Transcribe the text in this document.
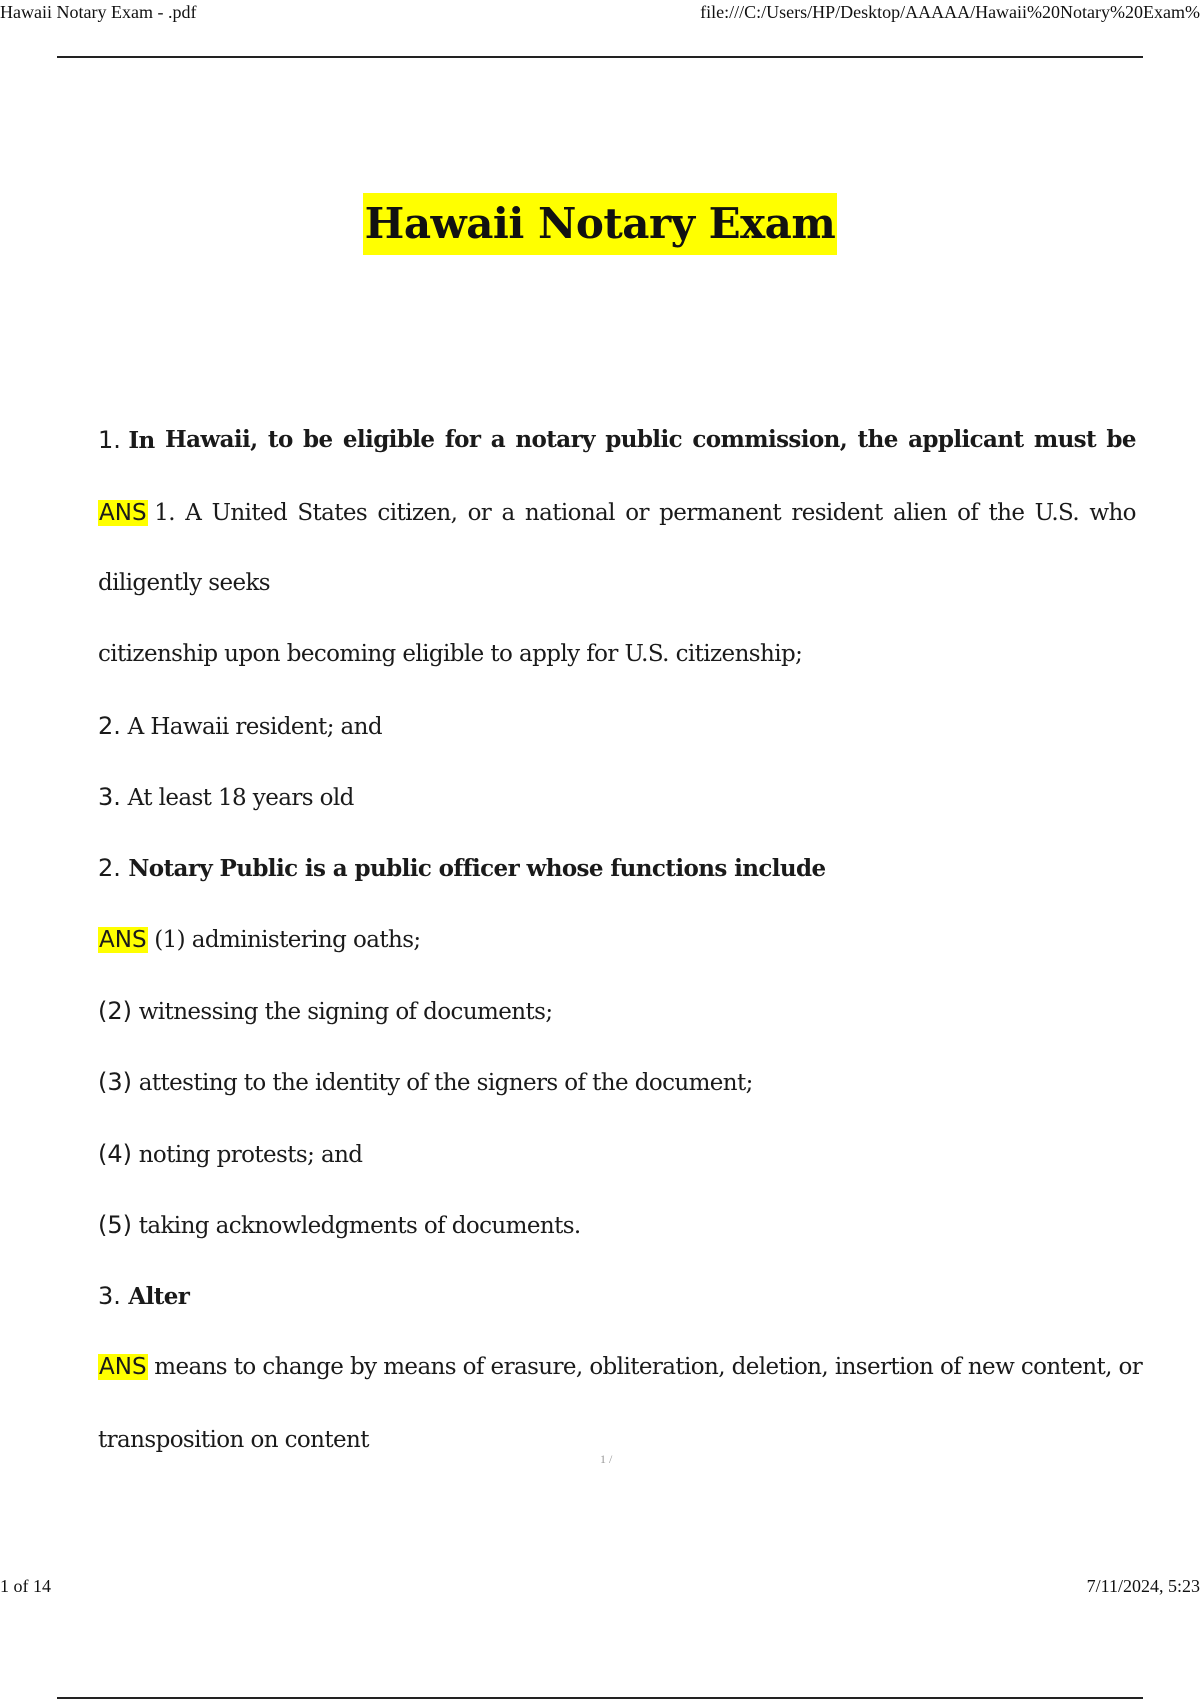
Hawaii Notary Exam - .pdf	file:///C:/Users/HP/Desktop/AAAAA/Hawaii%20Notary%20Exam%
Hawaii Notary Exam
1. In Hawaii, to be eligible for a notary public commission, the applicant must be
ANS 1. A United States citizen, or a national or permanent resident alien of the U.S. who
diligently seeks
citizenship upon becoming eligible to apply for U.S. citizenship;
2. A Hawaii resident; and
3. At least 18 years old
2. Notary Public is a public officer whose functions include
ANS (1) administering oaths;
(2) witnessing the signing of documents;
(3) attesting to the identity of the signers of the document;
(4) noting protests; and
(5) taking acknowledgments of documents.
3. Alter
ANS means to change by means of erasure, obliteration, deletion, insertion of new content, or
transposition on content
1 /
1 of 14	7/11/2024, 5:23
